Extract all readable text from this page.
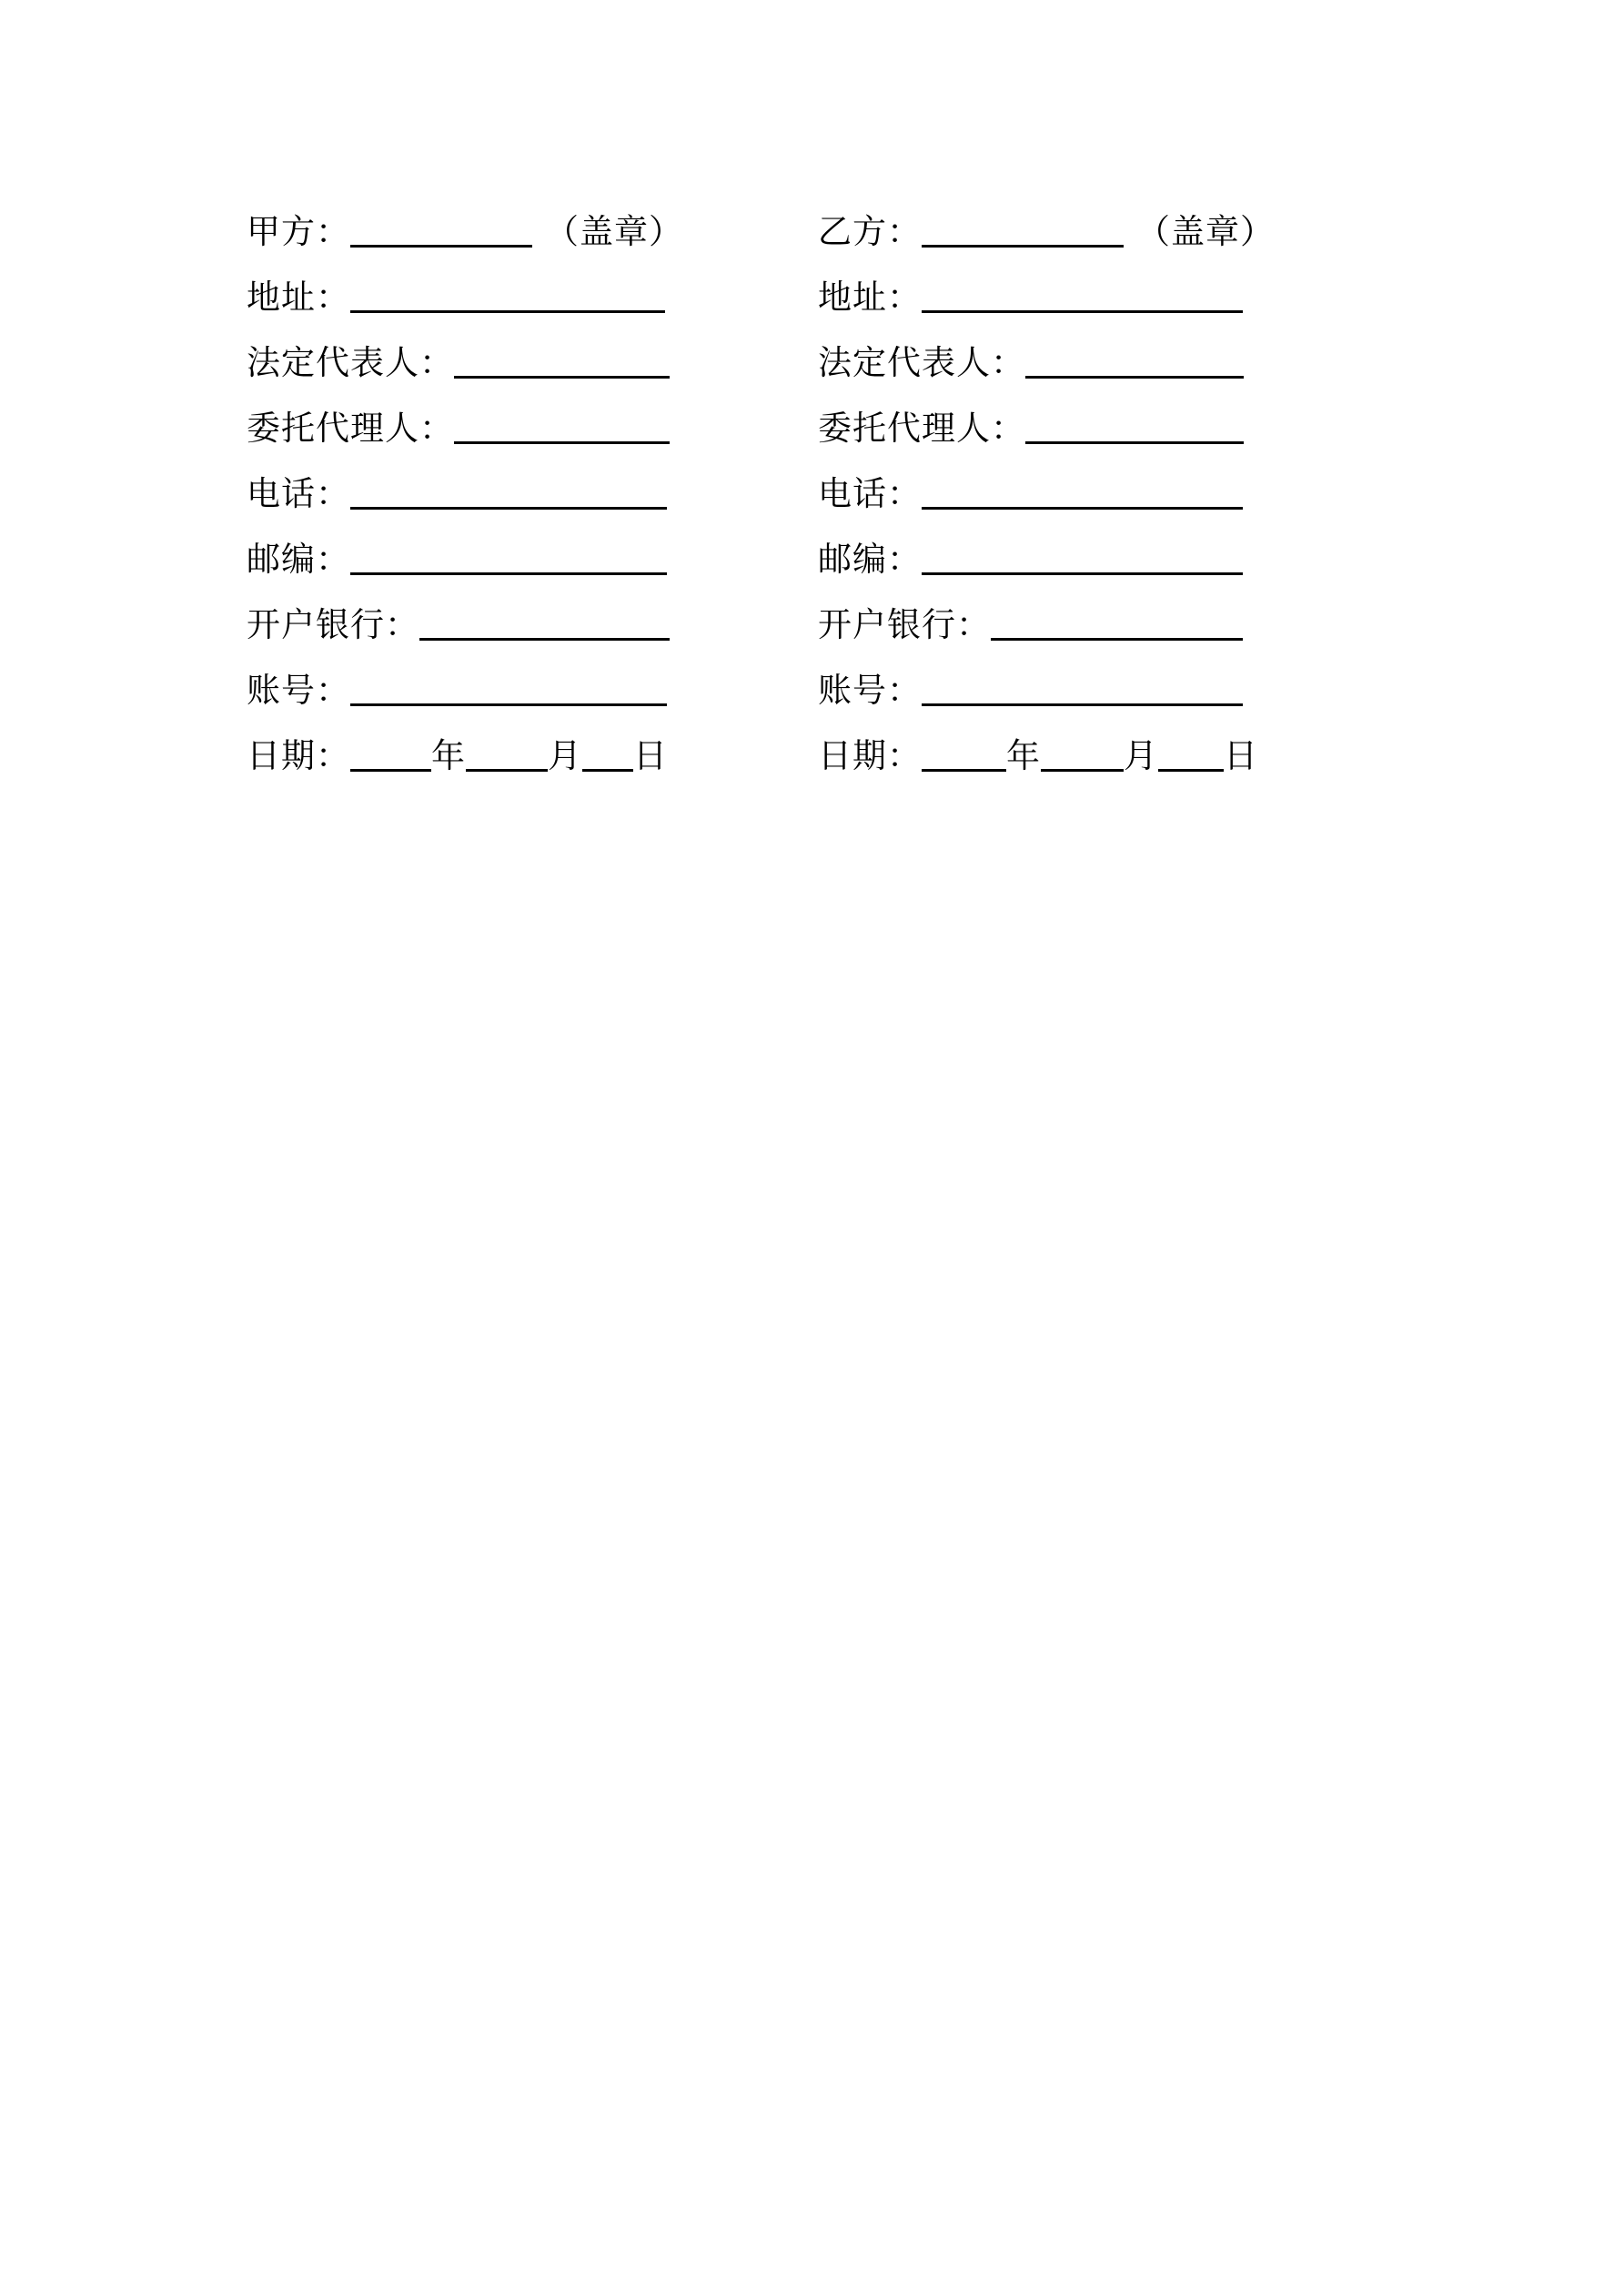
甲方：	（盖章）
地址：
法定代表人：
委托代理人：
电话：
邮编：
开户银行：
账号：
日期： 年 月 日
乙方：	（盖章）
地址：
法定代表人：
委托代理人：
电话：
邮编：
开户银行：
账号：
日期：	年 月 日
